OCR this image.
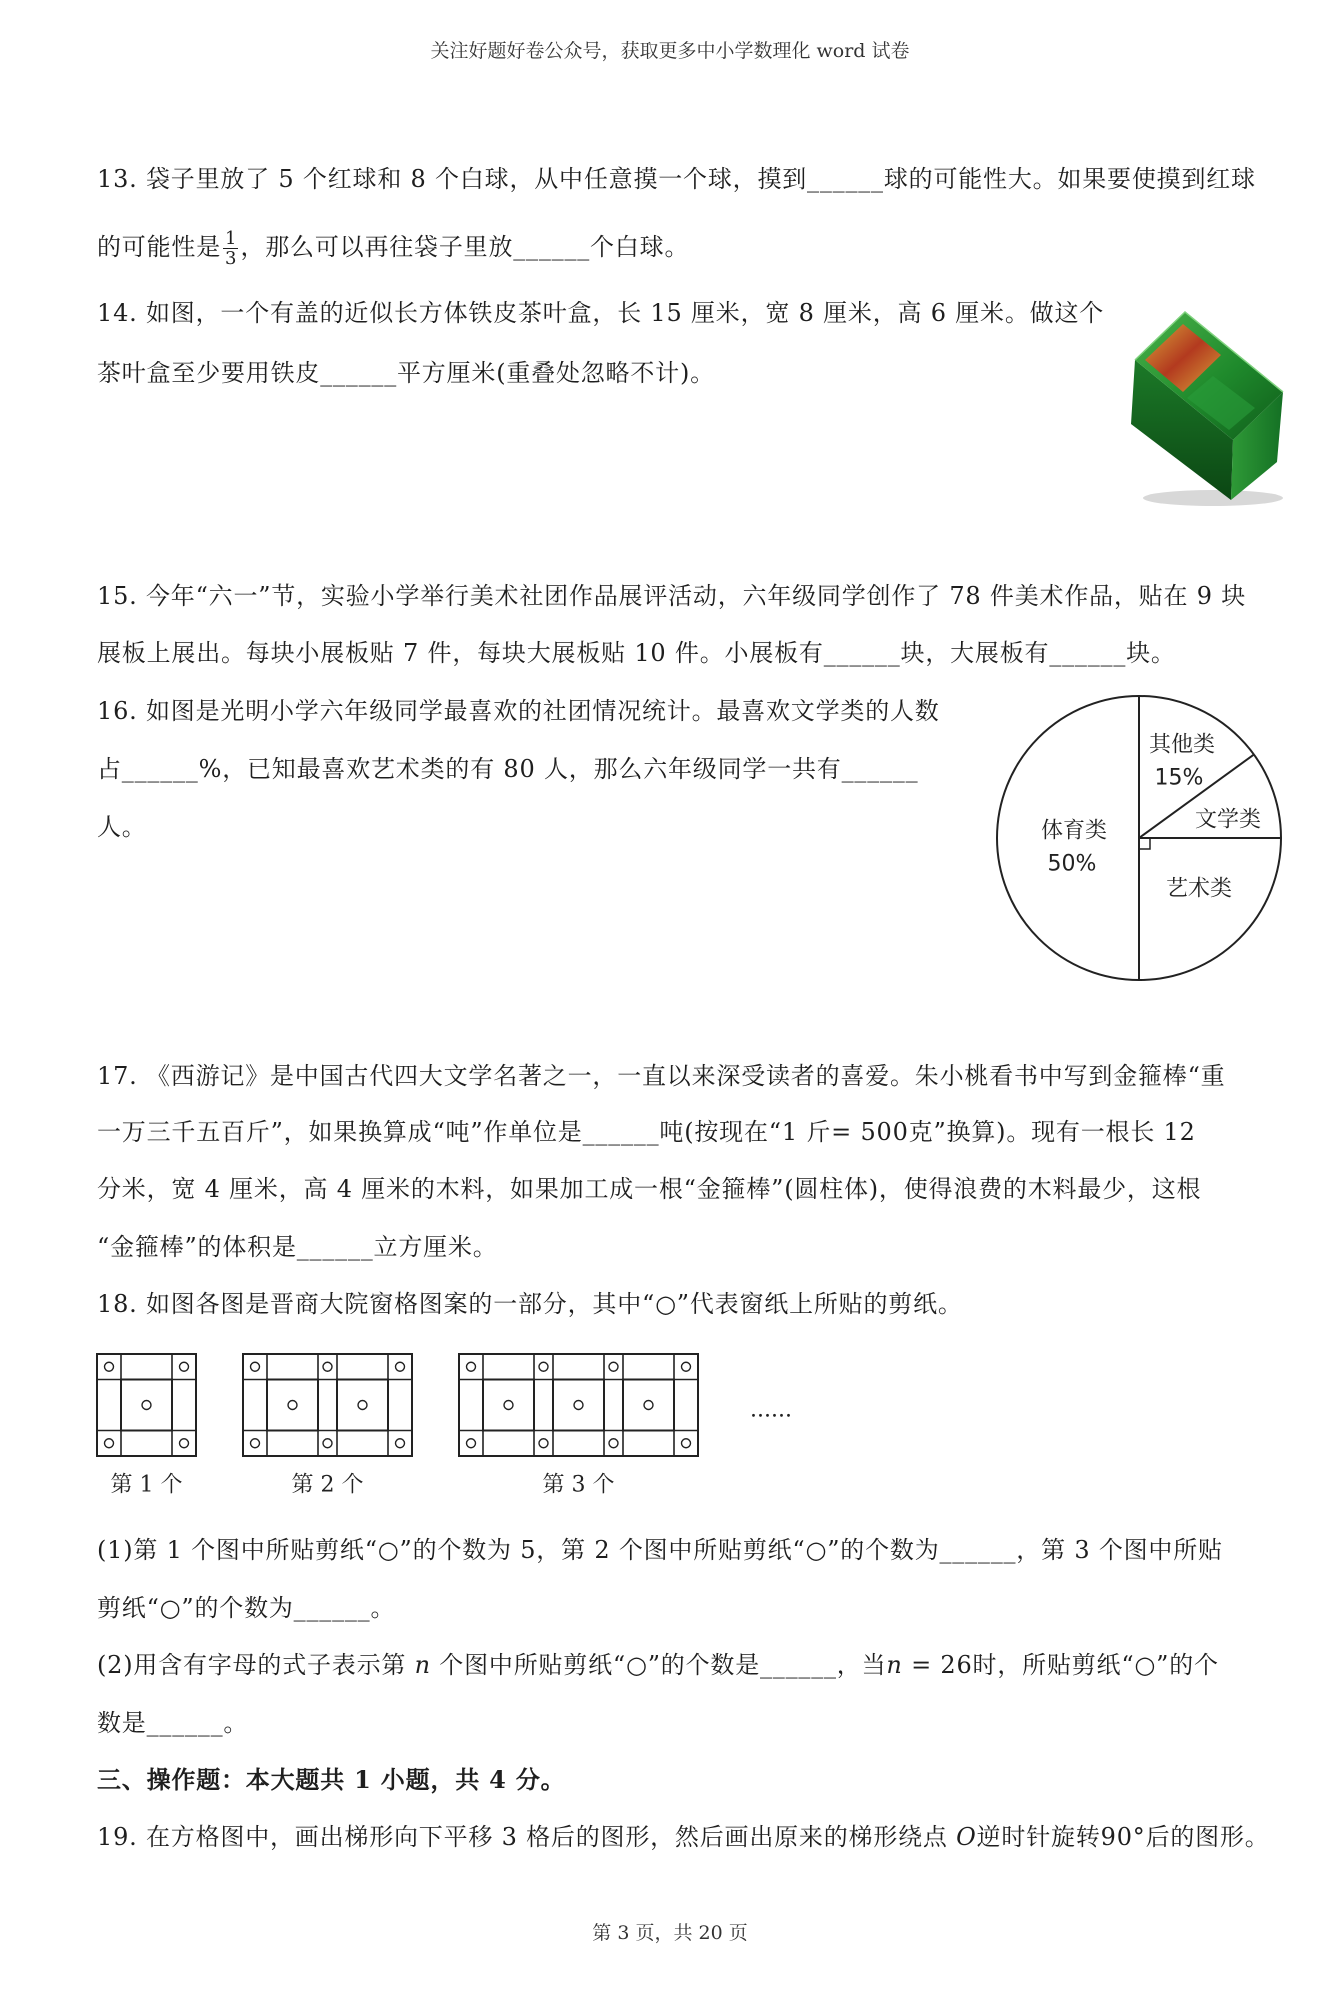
关注好题好卷公众号，获取更多中小学数理化 word 试卷
13. 袋子里放了 5 个红球和 8 个白球，从中任意摸一个球，摸到______球的可能性大。如果要使摸到红球
的可能性是 $\frac{1}{3}$ ，那么可以再往袋子里放______个白球。
14. 如图，一个有盖的近似长方体铁皮茶叶盒，长 15 厘米，宽 8 厘米，高 6 厘米。做这个
茶叶盒至少要用铁皮______平方厘米(重叠处忽略不计)。
15. 今年“六一”节，实验小学举行美术社团作品展评活动，六年级同学创作了 78 件美术作品，贴在 9 块
展板上展出。每块小展板贴 7 件，每块大展板贴 10 件。小展板有______块，大展板有______块。
16. 如图是光明小学六年级同学最喜欢的社团情况统计。最喜欢文学类的人数
占______%，已知最喜欢艺术类的有 80 人，那么六年级同学一共有______
人。
其他类
15%
文学类
艺术类
体育类
50%
17. 《西游记》是中国古代四大文学名著之一，一直以来深受读者的喜爱。朱小桃看书中写到金箍棒“重
一万三千五百斤”，如果换算成“吨”作单位是______吨(按现在“1 斤= 500克”换算)。现有一根长 12
分米，宽 4 厘米，高 4 厘米的木料，如果加工成一根“金箍棒”(圆柱体)，使得浪费的木料最少，这根
“金箍棒”的体积是______立方厘米。
18. 如图各图是晋商大院窗格图案的一部分，其中“○”代表窗纸上所贴的剪纸。
第 1 个	第 2 个	第 3 个
......
(1)第 1 个图中所贴剪纸“○”的个数为 5，第 2 个图中所贴剪纸“○”的个数为______，第 3 个图中所贴
剪纸“○”的个数为______。
(2)用含有字母的式子表示第 𝑛 个图中所贴剪纸“○”的个数是______，当𝑛 = 26时，所贴剪纸“○”的个
数是______。
三、操作题：本大题共 1 小题，共 4 分。
19. 在方格图中，画出梯形向下平移 3 格后的图形，然后画出原来的梯形绕点 𝑂逆时针旋转90°后的图形。
第 3 页，共 20 页
